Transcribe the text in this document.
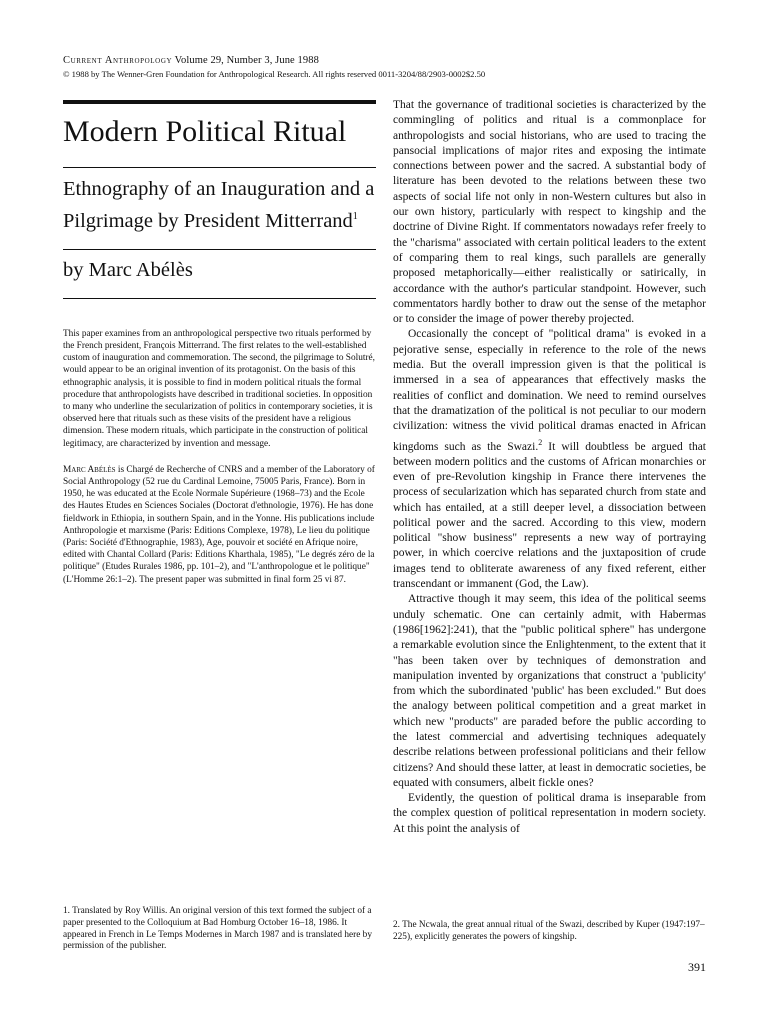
Current Anthropology Volume 29, Number 3, June 1988
© 1988 by The Wenner-Gren Foundation for Anthropological Research. All rights reserved 0011-3204/88/2903-0002$2.50
Modern Political Ritual
Ethnography of an Inauguration and a Pilgrimage by President Mitterrand$^1$
by Marc Abélès

This paper examines from an anthropological perspective two rituals performed by the French president, François Mitterrand. The first relates to the well-established custom of inauguration and commemoration. The second, the pilgrimage to Solutré, would appear to be an original invention of its protagonist. On the basis of this ethnographic analysis, it is possible to find in modern political rituals the formal procedure that anthropologists have described in traditional societies. In opposition to many who underline the secularization of politics in contemporary societies, it is observed here that rituals such as these visits of the president have a religious dimension. These modern rituals, which participate in the construction of political legitimacy, are characterized by invention and message.

Marc Abélès is Chargé de Recherche of CNRS and a member of the Laboratory of Social Anthropology (52 rue du Cardinal Lemoine, 75005 Paris, France). Born in 1950, he was educated at the Ecole Normale Supérieure (1968–73) and the Ecole des Hautes Etudes en Sciences Sociales (Doctorat d'ethnologie, 1976). He has done fieldwork in Ethiopia, in southern Spain, and in the Yonne. His publications include Anthropologie et marxisme (Paris: Editions Complexe, 1978), Le lieu du politique (Paris: Société d'Ethnographie, 1983), Age, pouvoir et société en Afrique noire, edited with Chantal Collard (Paris: Editions Kharthala, 1985), "Le degrés zéro de la politique" (Etudes Rurales 1986, pp. 101–2), and "L'anthropologue et le politique" (L'Homme 26:1–2). The present paper was submitted in final form 25 vi 87.

1. Translated by Roy Willis. An original version of this text formed the subject of a paper presented to the Colloquium at Bad Homburg October 16–18, 1986. It appeared in French in Le Temps Modernes in March 1987 and is translated here by permission of the publisher.

That the governance of traditional societies is characterized by the commingling of politics and ritual is a commonplace for anthropologists and social historians, who are used to tracing the pansocial implications of major rites and exposing the intimate connections between power and the sacred. A substantial body of literature has been devoted to the relations between these two aspects of social life not only in non-Western cultures but also in our own history, particularly with respect to kingship and the doctrine of Divine Right. If commentators nowadays refer freely to the "charisma" associated with certain political leaders to the extent of comparing them to real kings, such parallels are generally proposed metaphorically—either realistically or satirically, in accordance with the author's particular standpoint. However, such commentators hardly bother to draw out the sense of the metaphor or to consider the image of power thereby projected.

Occasionally the concept of "political drama" is evoked in a pejorative sense, especially in reference to the role of the news media. But the overall impression given is that the political is immersed in a sea of appearances that effectively masks the realities of conflict and domination. We need to remind ourselves that the dramatization of the political is not peculiar to our modern civilization: witness the vivid political dramas enacted in African kingdoms such as the Swazi.$^2$ It will doubtless be argued that between modern politics and the customs of African monarchies or even of pre-Revolution kingship in France there intervenes the process of secularization which has separated church from state and which has entailed, at a still deeper level, a dissociation between political power and the sacred. According to this view, modern political "show business" represents a new way of portraying power, in which coercive relations and the juxtaposition of crude images tend to obliterate awareness of any fixed referent, either transcendant or immanent (God, the Law).

Attractive though it may seem, this idea of the political seems unduly schematic. One can certainly admit, with Habermas (1986[1962]:241), that the "public political sphere" has undergone a remarkable evolution since the Enlightenment, to the extent that it "has been taken over by techniques of demonstration and manipulation invented by organizations that construct a 'publicity' from which the subordinated 'public' has been excluded." But does the analogy between political competition and a great market in which new "products" are paraded before the public according to the latest commercial and advertising techniques adequately describe relations between professional politicians and their fellow citizens? And should these latter, at least in democratic societies, be equated with consumers, albeit fickle ones?

Evidently, the question of political drama is inseparable from the complex question of political representation in modern society. At this point the analysis of

2. The Ncwala, the great annual ritual of the Swazi, described by Kuper (1947:197–225), explicitly generates the powers of kingship.
391
